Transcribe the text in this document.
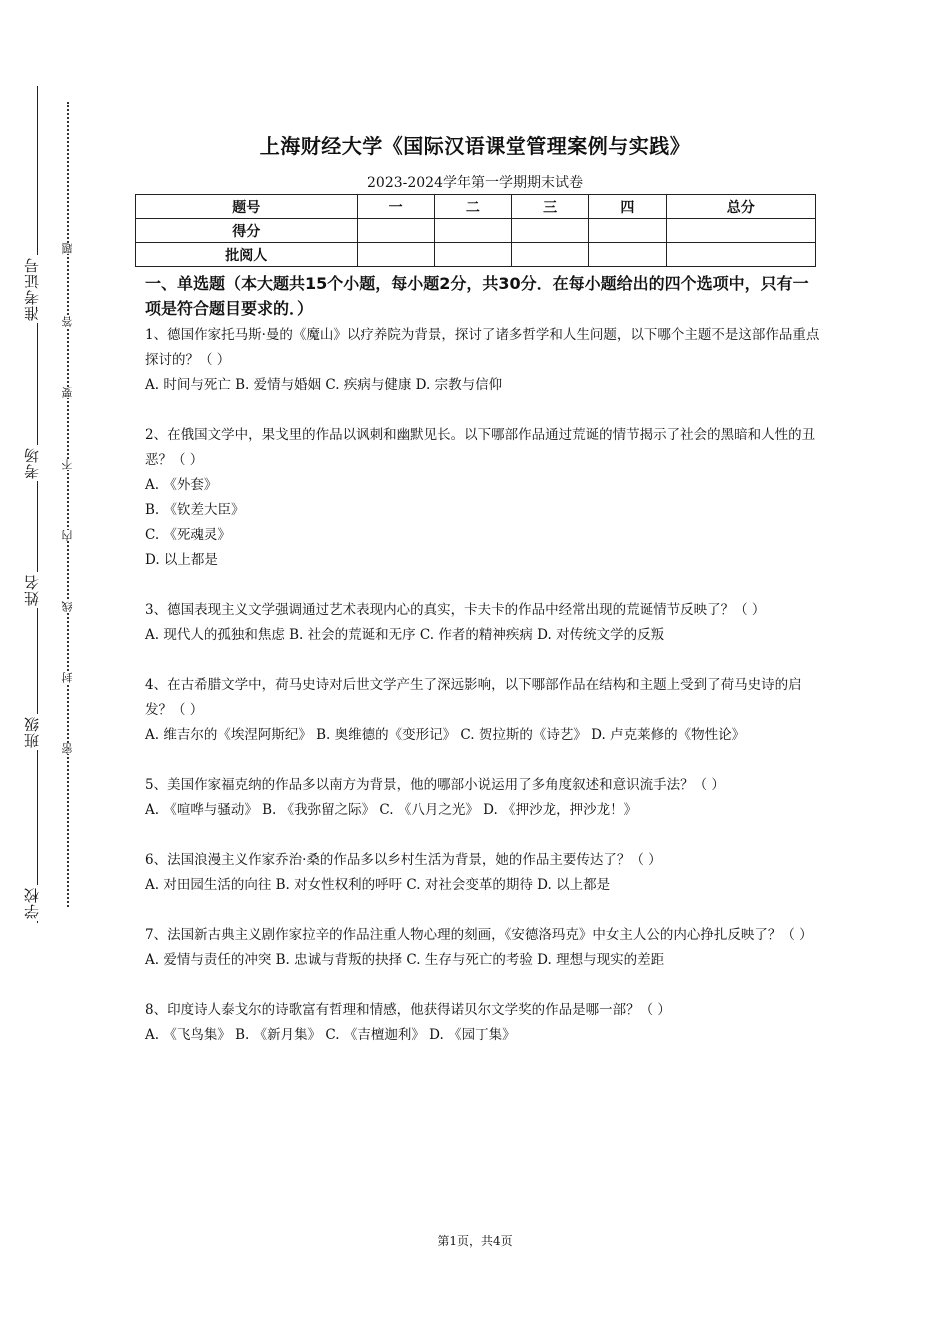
准考证号
考场
姓名
班级
学校
题
答
要
不
内
线
封
密
上海财经大学《国际汉语课堂管理案例与实践》
2023-2024学年第一学期期末试卷
题号	一	二	三	四	总分
得分					
批阅人					
一、单选题（本大题共15个小题，每小题2分，共30分．在每小题给出的四个选项中，只有一项是符合题目要求的．）

1、德国作家托马斯·曼的《魔山》以疗养院为背景，探讨了诸多哲学和人生问题，以下哪个主题不是这部作品重点探讨的？（ ）

A. 时间与死亡 B. 爱情与婚姻 C. 疾病与健康 D. 宗教与信仰

2、在俄国文学中，果戈里的作品以讽刺和幽默见长。以下哪部作品通过荒诞的情节揭示了社会的黑暗和人性的丑恶？（ ）

A. 《外套》

B. 《钦差大臣》

C. 《死魂灵》

D. 以上都是

3、德国表现主义文学强调通过艺术表现内心的真实，卡夫卡的作品中经常出现的荒诞情节反映了？（ ）

A. 现代人的孤独和焦虑 B. 社会的荒诞和无序 C. 作者的精神疾病 D. 对传统文学的反叛

4、在古希腊文学中，荷马史诗对后世文学产生了深远影响，以下哪部作品在结构和主题上受到了荷马史诗的启发？（ ）

A. 维吉尔的《埃涅阿斯纪》 B. 奥维德的《变形记》 C. 贺拉斯的《诗艺》 D. 卢克莱修的《物性论》

5、美国作家福克纳的作品多以南方为背景，他的哪部小说运用了多角度叙述和意识流手法？（ ）

A. 《喧哗与骚动》 B. 《我弥留之际》 C. 《八月之光》 D. 《押沙龙，押沙龙！》

6、法国浪漫主义作家乔治·桑的作品多以乡村生活为背景，她的作品主要传达了？（ ）

A. 对田园生活的向往 B. 对女性权利的呼吁 C. 对社会变革的期待 D. 以上都是

7、法国新古典主义剧作家拉辛的作品注重人物心理的刻画，《安德洛玛克》中女主人公的内心挣扎反映了？（ ）

A. 爱情与责任的冲突 B. 忠诚与背叛的抉择 C. 生存与死亡的考验 D. 理想与现实的差距

8、印度诗人泰戈尔的诗歌富有哲理和情感，他获得诺贝尔文学奖的作品是哪一部？（ ）

A. 《飞鸟集》 B. 《新月集》 C. 《吉檀迦利》 D. 《园丁集》

第1页，共4页
